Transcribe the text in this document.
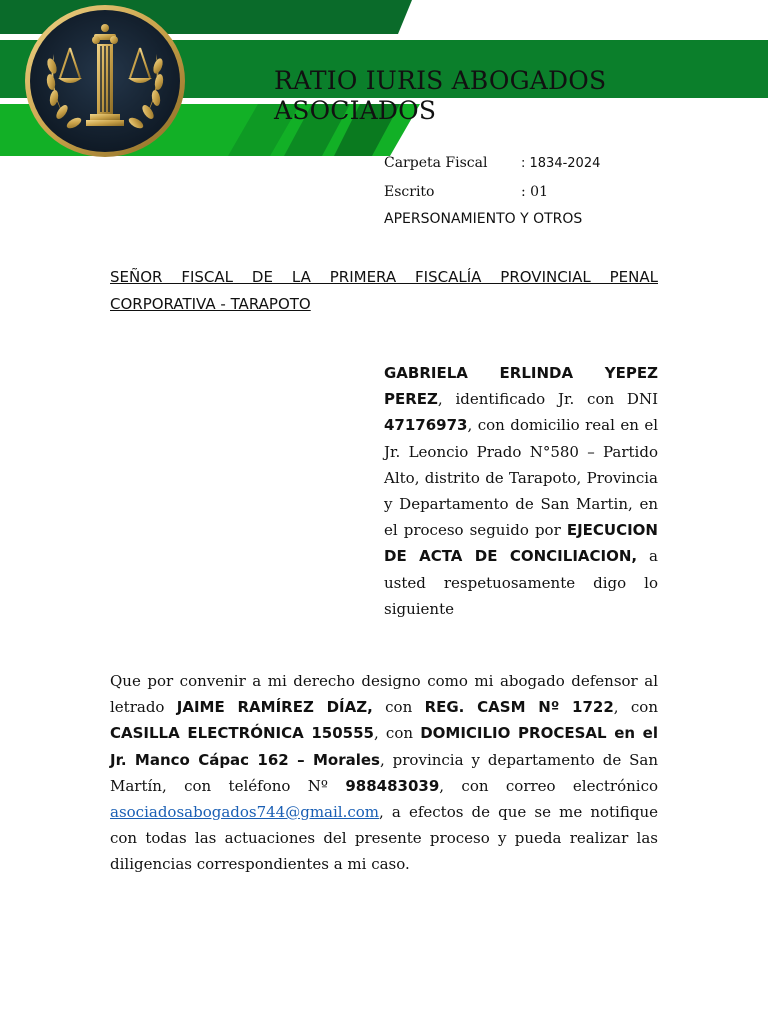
RATIO IURIS ABOGADOS ASOCIADOS
Carpeta Fiscal	: 1834-2024
Escrito	: 01
APERSONAMIENTO Y OTROS
SEÑOR FISCAL DE LA PRIMERA FISCALÍA PROVINCIAL PENAL CORPORATIVA - TARAPOTO
GABRIELA ERLINDA YEPEZ PEREZ, identificado Jr. con DNI 47176973, con domicilio real en el Jr. Leoncio Prado N°580 – Partido Alto, distrito de Tarapoto, Provincia y Departamento de San Martin, en el proceso seguido por EJECUCION DE ACTA DE CONCILIACION, a usted respetuosamente digo lo siguiente
Que por convenir a mi derecho designo como mi abogado defensor al letrado JAIME RAMÍREZ DÍAZ, con REG. CASM Nº 1722, con CASILLA ELECTRÓNICA 150555, con DOMICILIO PROCESAL en el Jr. Manco Cápac 162 – Morales, provincia y departamento de San Martín, con teléfono Nº 988483039, con correo electrónico asociadosabogados744@gmail.com, a efectos de que se me notifique con todas las actuaciones del presente proceso y pueda realizar las diligencias correspondientes a mi caso.
